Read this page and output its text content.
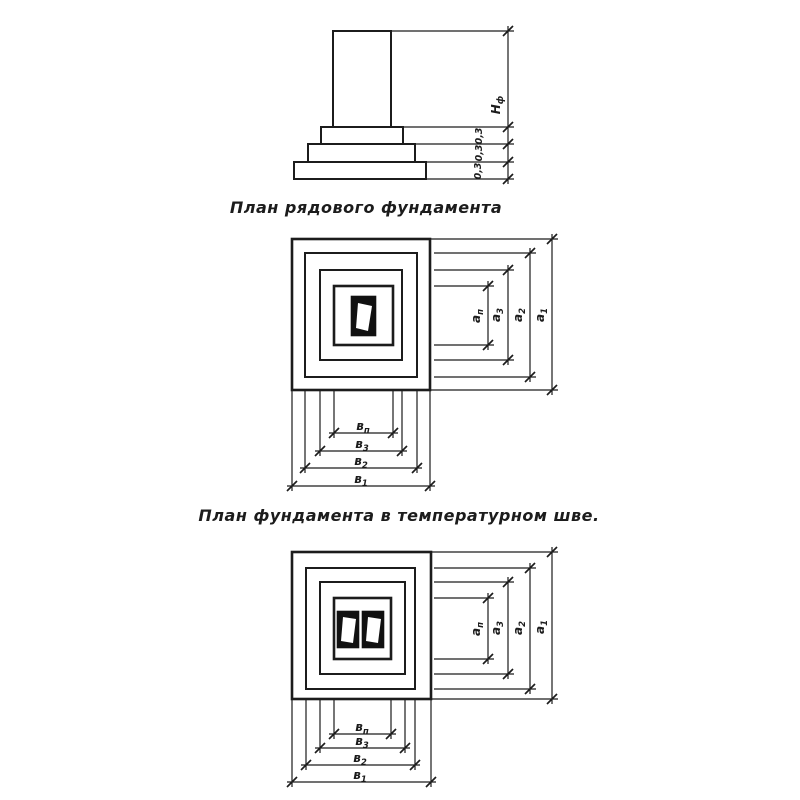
$Н_ф$
0,3
0,3
0,3
План рядового фундамента
$а_п$
$а_3$
$а_2$
$а_1$
$в_п$
$в_3$
$в_2$
$в_1$
План фундамента в температурном шве.
$а_п$
$а_3$
$а_2$
$а_1$
$в_п$
$в_3$
$в_2$
$в_1$
